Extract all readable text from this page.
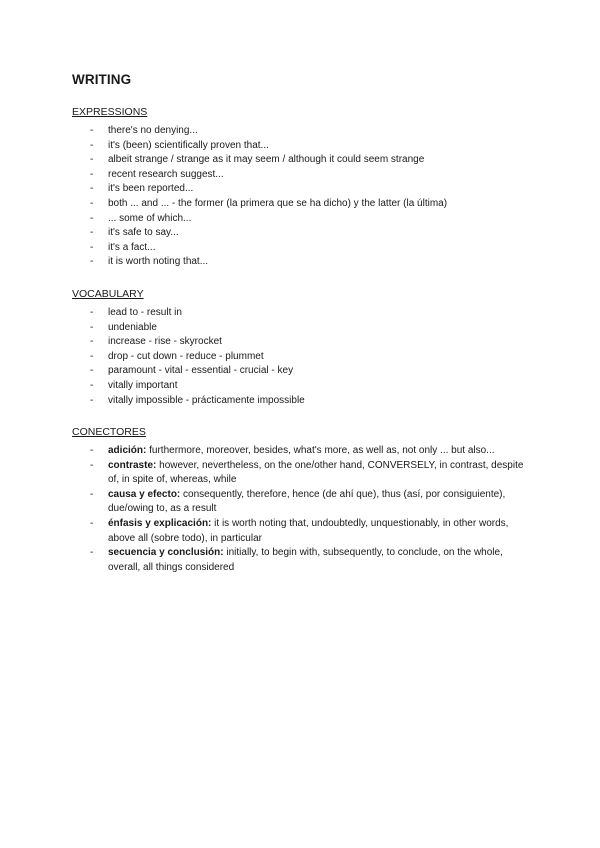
WRITING
EXPRESSIONS
- there's no denying...
- it's (been) scientifically proven that...
- albeit strange / strange as it may seem / although it could seem strange
- recent research suggest...
- it's been reported...
- both ... and ... - the former (la primera que se ha dicho) y the latter (la última)
- ... some of which...
- it's safe to say...
- it's a fact...
- it is worth noting that...
VOCABULARY
- lead to - result in
- undeniable
- increase - rise - skyrocket
- drop - cut down - reduce - plummet
- paramount - vital - essential - crucial - key
- vitally important
- vitally impossible - prácticamente impossible
CONECTORES
- adición: furthermore, moreover, besides, what's more, as well as, not only ... but also...
- contraste: however, nevertheless, on the one/other hand, CONVERSELY, in contrast, despite of, in spite of, whereas, while
- causa y efecto: consequently, therefore, hence (de ahí que), thus (así, por consiguiente), due/owing to, as a result
- énfasis y explicación: it is worth noting that, undoubtedly, unquestionably, in other words, above all (sobre todo), in particular
- secuencia y conclusión: initially, to begin with, subsequently, to conclude, on the whole, overall, all things considered
